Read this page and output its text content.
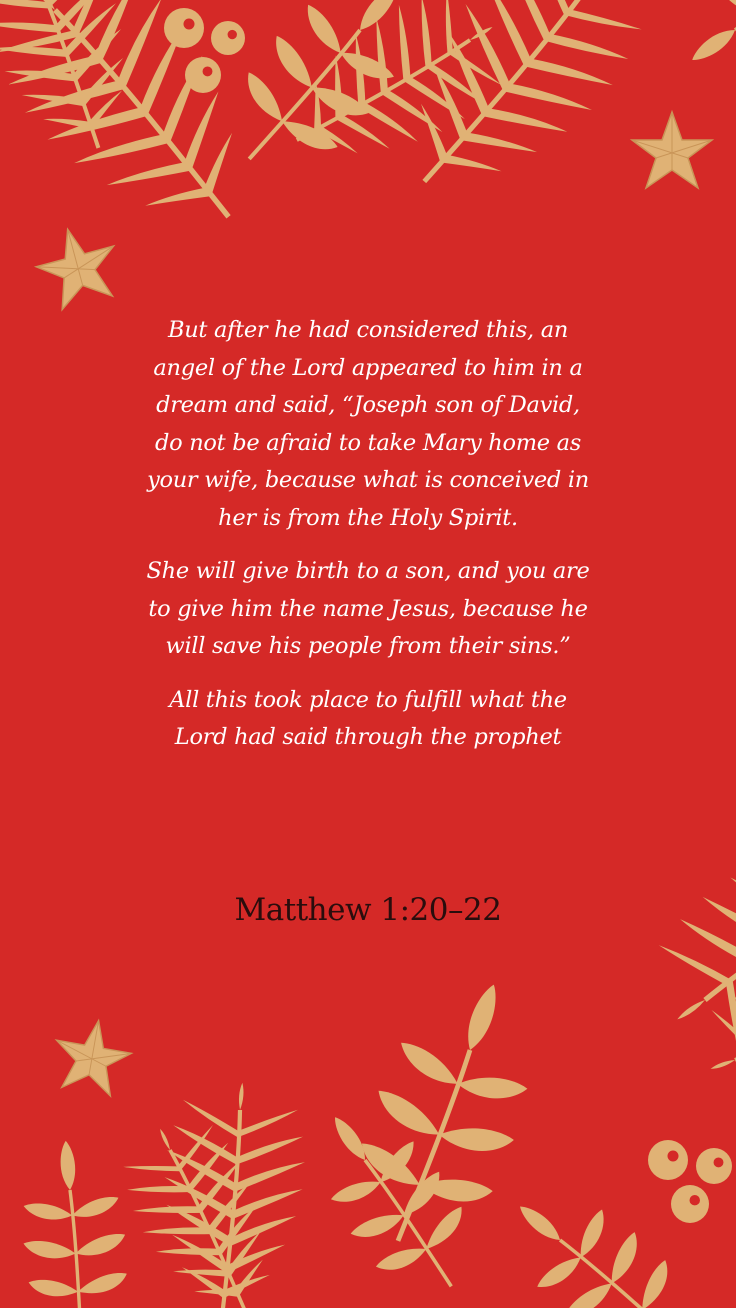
But after he had considered this, an angel of the Lord appeared to him in a dream and said, “Joseph son of David, do not be afraid to take Mary home as your wife, because what is conceived in her is from the Holy Spirit.

She will give birth to a son, and you are to give him the name Jesus, because he will save his people from their sins.”

All this took place to fulfill what the Lord had said through the prophet

Matthew 1:20–22
